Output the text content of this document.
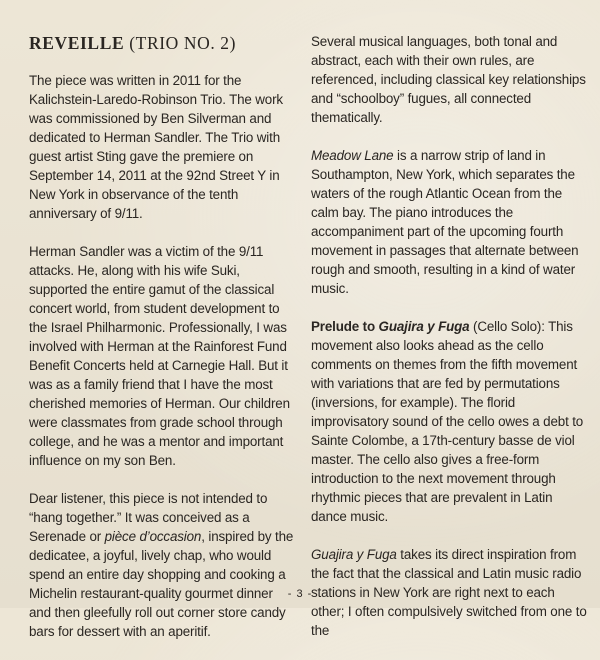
REVEILLE (TRIO NO. 2)

The piece was written in 2011 for the Kalichstein-Laredo-Robinson Trio. The work was commissioned by Ben Silverman and dedicated to Herman Sandler. The Trio with guest artist Sting gave the premiere on September 14, 2011 at the 92nd Street Y in New York in observance of the tenth anniversary of 9/11.

Herman Sandler was a victim of the 9/11 attacks. He, along with his wife Suki, supported the entire gamut of the classical concert world, from student development to the Israel Philharmonic. Professionally, I was involved with Herman at the Rainforest Fund Benefit Concerts held at Carnegie Hall. But it was as a family friend that I have the most cherished memories of Herman. Our children were classmates from grade school through college, and he was a mentor and important influence on my son Ben.

Dear listener, this piece is not intended to “hang together.” It was conceived as a Serenade or pièce d’occasion, inspired by the dedicatee, a joyful, lively chap, who would spend an entire day shopping and cooking a Michelin restaurant-quality gourmet dinner and then gleefully roll out corner store candy bars for dessert with an aperitif.

Several musical languages, both tonal and abstract, each with their own rules, are referenced, including classical key relationships and “schoolboy” fugues, all connected thematically.

Meadow Lane is a narrow strip of land in Southampton, New York, which separates the waters of the rough Atlantic Ocean from the calm bay. The piano introduces the accompaniment part of the upcoming fourth movement in passages that alternate between rough and smooth, resulting in a kind of water music.

Prelude to Guajira y Fuga (Cello Solo): This movement also looks ahead as the cello comments on themes from the fifth movement with variations that are fed by permutations (inversions, for example). The florid improvisatory sound of the cello owes a debt to Sainte Colombe, a 17th-century basse de viol master. The cello also gives a free-form introduction to the next movement through rhythmic pieces that are prevalent in Latin dance music.

Guajira y Fuga takes its direct inspiration from the fact that the classical and Latin music radio stations in New York are right next to each other; I often compulsively switched from one to the

- 3 -
